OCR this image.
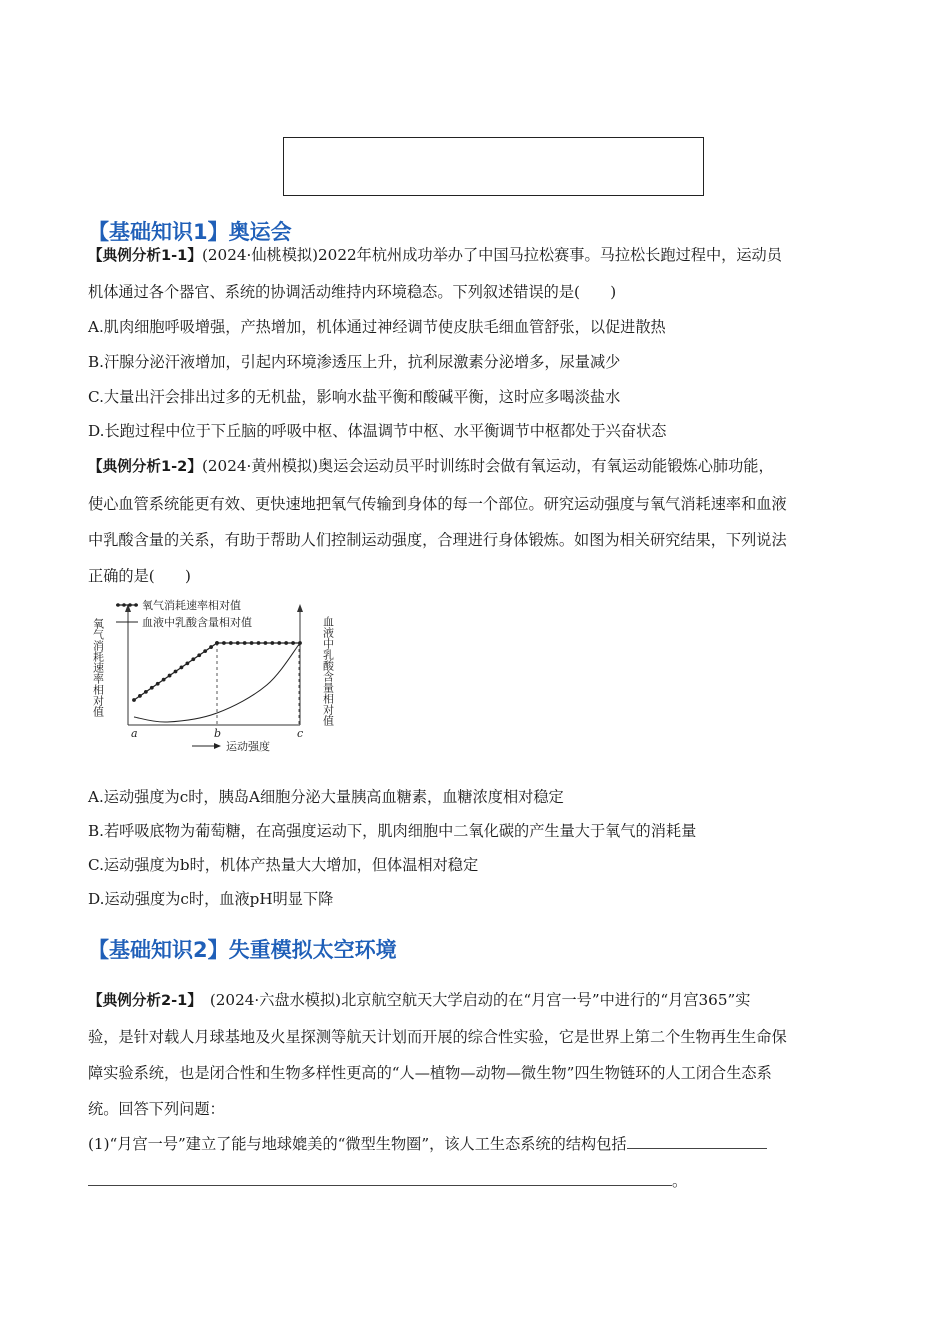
【基础知识1】奥运会
【典例分析1-1】(2024·仙桃模拟)2022年杭州成功举办了中国马拉松赛事。马拉松长跑过程中，运动员
机体通过各个器官、系统的协调活动维持内环境稳态。下列叙述错误的是(　　)
A.肌肉细胞呼吸增强，产热增加，机体通过神经调节使皮肤毛细血管舒张，以促进散热
B.汗腺分泌汗液增加，引起内环境渗透压上升，抗利尿激素分泌增多，尿量减少
C.大量出汗会排出过多的无机盐，影响水盐平衡和酸碱平衡，这时应多喝淡盐水
D.长跑过程中位于下丘脑的呼吸中枢、体温调节中枢、水平衡调节中枢都处于兴奋状态
【典例分析1-2】(2024·黄州模拟)奥运会运动员平时训练时会做有氧运动，有氧运动能锻炼心肺功能，
使心血管系统能更有效、更快速地把氧气传输到身体的每一个部位。研究运动强度与氧气消耗速率和血液
中乳酸含量的关系，有助于帮助人们控制运动强度，合理进行身体锻炼。如图为相关研究结果，下列说法
正确的是(　　)
氧气消耗速率相对值	血液中乳酸含量相对值
氧气消耗速率相对值
血液中乳酸含量相对值
a	b	c
运动强度
A.运动强度为c时，胰岛A细胞分泌大量胰高血糖素，血糖浓度相对稳定
B.若呼吸底物为葡萄糖，在高强度运动下，肌肉细胞中二氧化碳的产生量大于氧气的消耗量
C.运动强度为b时，机体产热量大大增加，但体温相对稳定
D.运动强度为c时，血液pH明显下降
【基础知识2】失重模拟太空环境
【典例分析2-1】　(2024·六盘水模拟)北京航空航天大学启动的在“月宫一号”中进行的“月宫365”实
验，是针对载人月球基地及火星探测等航天计划而开展的综合性实验，它是世界上第二个生物再生生命保
障实验系统，也是闭合性和生物多样性更高的“人—植物—动物—微生物”四生物链环的人工闭合生态系
统。回答下列问题：
(1)“月宫一号”建立了能与地球媲美的“微型生物圈”，该人工生态系统的结构包括
。
